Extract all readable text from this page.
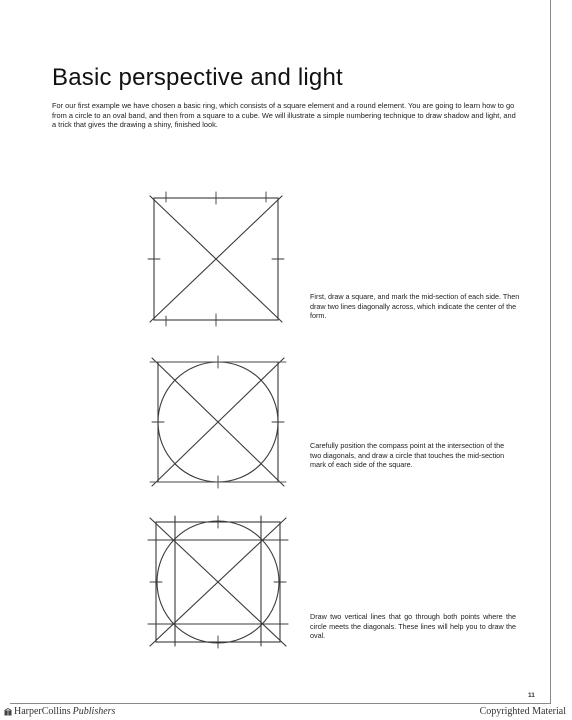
Basic perspective and light

For our first example we have chosen a basic ring, which consists of a square element and a round element. You are going to learn how to go from a circle to an oval band, and then from a square to a cube. We will illustrate a simple numbering technique to draw shadow and light, and a trick that gives the drawing a shiny, finished look.

First, draw a square, and mark the mid-section of each side. Then draw two lines diagonally across, which indicate the center of the form.

Carefully position the compass point at the intersection of the two diagonals, and draw a circle that touches the mid-section mark of each side of the square.

Draw two vertical lines that go through both points where the circle meets the diagonals. These lines will help you to draw the oval.

11
HarperCollins Publishers	Copyrighted Material
